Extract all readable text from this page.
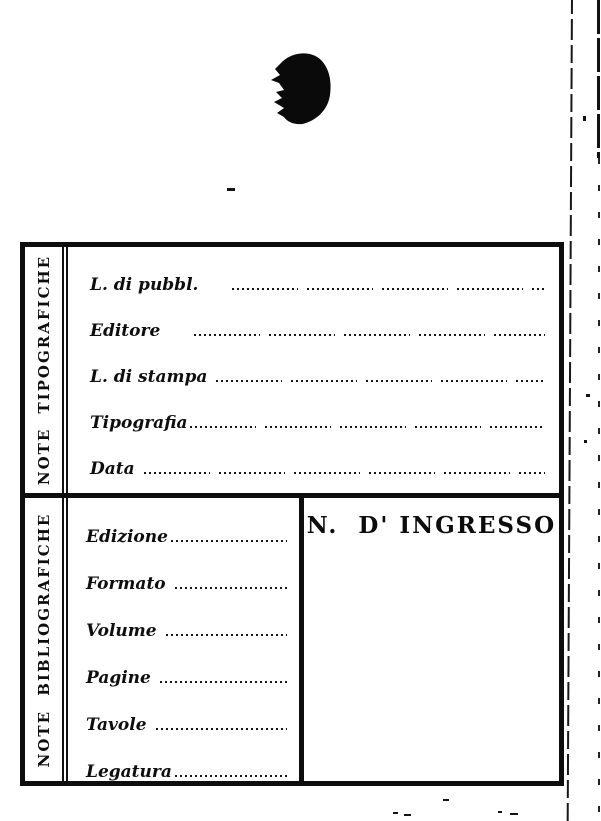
NOTE TIPOGRAFICHE L. di pubbl.
Editore
L. di stampa
Tipografia
Data
NOTE BIBLIOGRAFICHE Edizione
Formato
Volume
Pagine
Tavole
Legatura
N.  D' INGRESSO
